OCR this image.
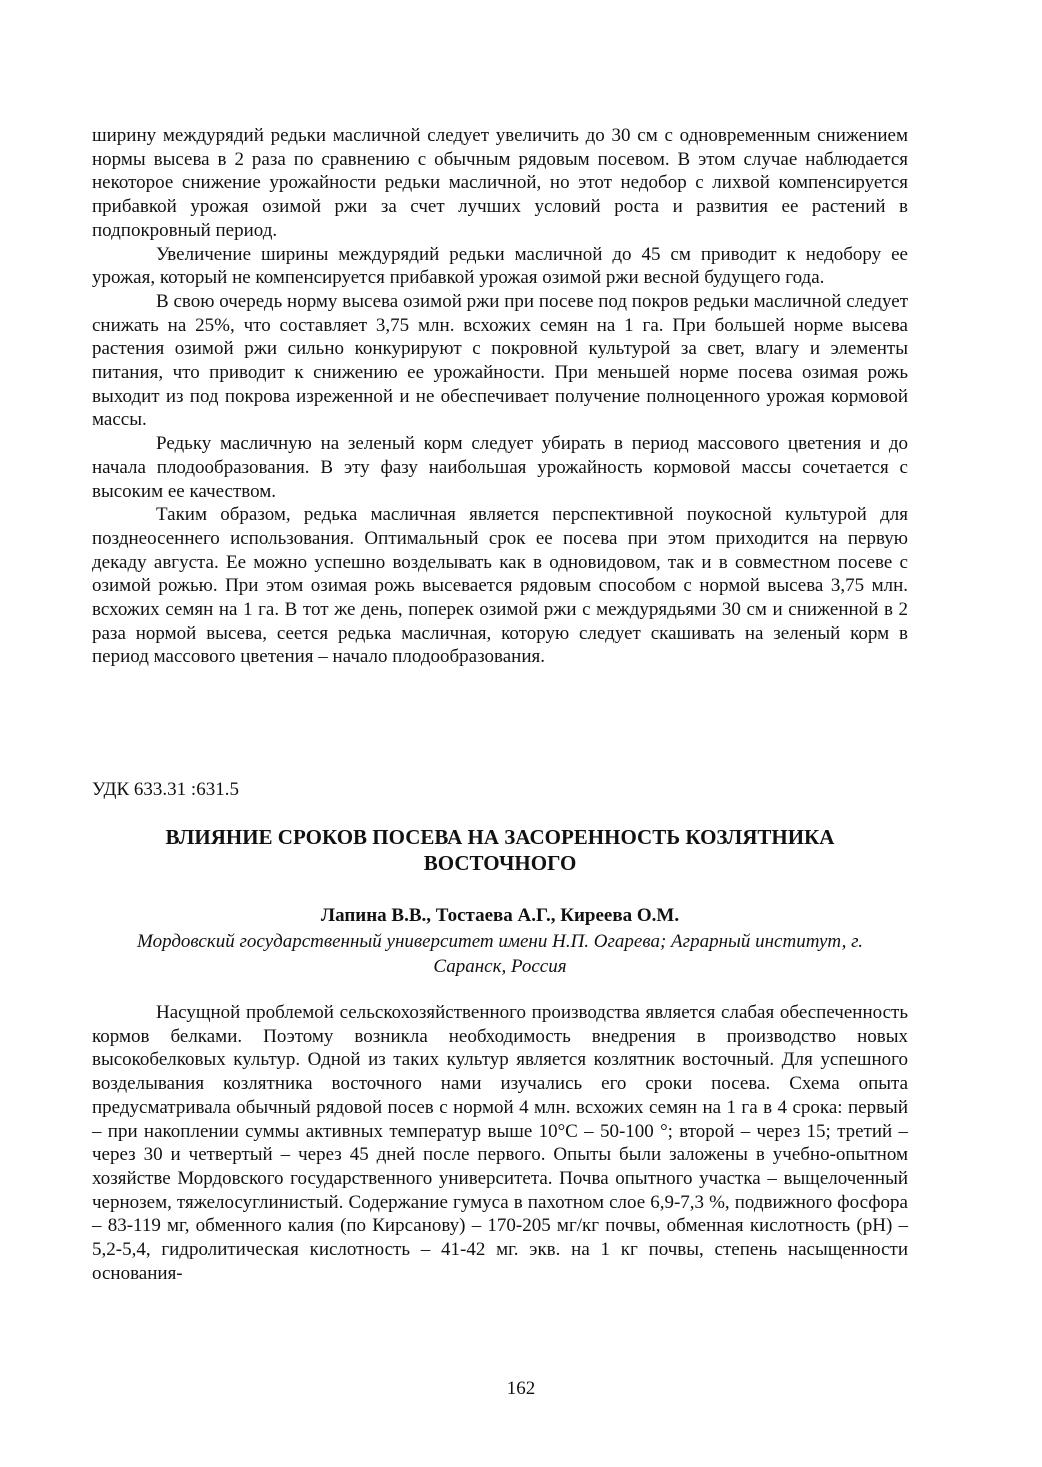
ширину междурядий редьки масличной следует увеличить до 30 см с одновременным снижением нормы высева в 2 раза по сравнению с обычным рядовым посевом. В этом случае наблюдается некоторое снижение урожайности редьки масличной, но этот недобор с лихвой компенсируется прибавкой урожая озимой ржи за счет лучших условий роста и развития ее растений в подпокровный период.

Увеличение ширины междурядий редьки масличной до 45 см приводит к недобору ее урожая, который не компенсируется прибавкой урожая озимой ржи весной будущего года.

В свою очередь норму высева озимой ржи при посеве под покров редьки масличной следует снижать на 25%, что составляет 3,75 млн. всхожих семян на 1 га. При большей норме высева растения озимой ржи сильно конкурируют с покровной культурой за свет, влагу и элементы питания, что приводит к снижению ее урожайности. При меньшей норме посева озимая рожь выходит из под покрова изреженной и не обеспечивает получение полноценного урожая кормовой массы.

Редьку масличную на зеленый корм следует убирать в период массового цветения и до начала плодообразования. В эту фазу наибольшая урожайность кормовой массы сочетается с высоким ее качеством.

Таким образом, редька масличная является перспективной поукосной культурой для позднеосеннего использования. Оптимальный срок ее посева при этом приходится на первую декаду августа. Ее можно успешно возделывать как в одновидовом, так и в совместном посеве с озимой рожью. При этом озимая рожь высевается рядовым способом с нормой высева 3,75 млн. всхожих семян на 1 га. В тот же день, поперек озимой ржи с междурядьями 30 см и сниженной в 2 раза нормой высева, сеется редька масличная, которую следует скашивать на зеленый корм в период массового цветения – начало плодообразования.

УДК 633.31 :631.5
ВЛИЯНИЕ СРОКОВ ПОСЕВА НА ЗАСОРЕННОСТЬ КОЗЛЯТНИКА
ВОСТОЧНОГО
Лапина В.В., Тостаева А.Г., Киреева О.М.
Мордовский государственный университет имени Н.П. Огарева; Аграрный институт, г. Саранск, Россия

Насущной проблемой сельскохозяйственного производства является слабая обеспеченность кормов белками. Поэтому возникла необходимость внедрения в производство новых высокобелковых культур. Одной из таких культур является козлятник восточный. Для успешного возделывания козлятника восточного нами изучались его сроки посева. Схема опыта предусматривала обычный рядовой посев с нормой 4 млн. всхожих семян на 1 га в 4 срока: первый – при накоплении суммы активных температур выше 10°С – 50-100 °; второй – через 15; третий – через 30 и четвертый – через 45 дней после первого. Опыты были заложены в учебно-опытном хозяйстве Мордовского государственного университета. Почва опытного участка – выщелоченный чернозем, тяжелосуглинистый. Содержание гумуса в пахотном слое 6,9-7,3 %, подвижного фосфора – 83-119 мг, обменного калия (по Кирсанову) – 170-205 мг/кг почвы, обменная кислотность (pH) – 5,2-5,4, гидролитическая кислотность – 41-42 мг. экв. на 1 кг почвы, степень насыщенности основания-

162
